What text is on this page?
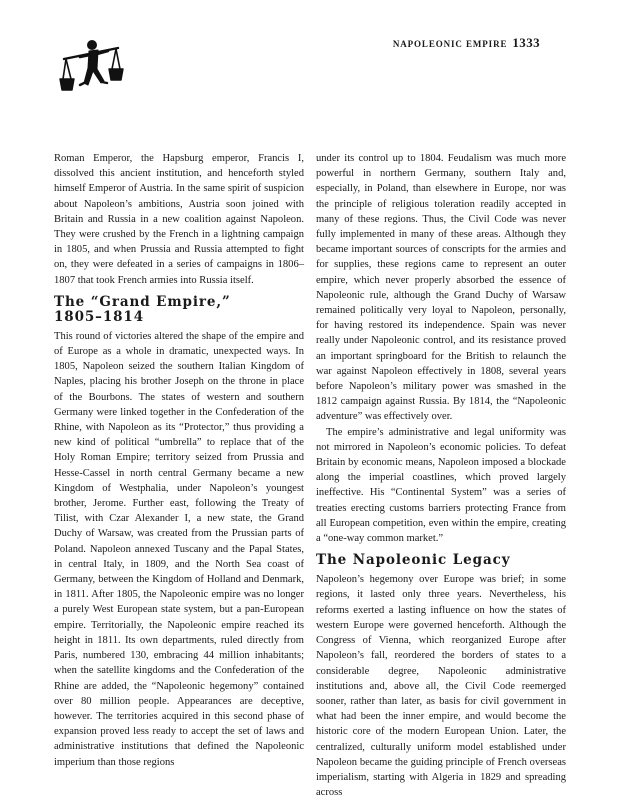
NAPOLEONIC EMPIRE 1333

Roman Emperor, the Hapsburg emperor, Francis I, dissolved this ancient institution, and henceforth styled himself Emperor of Austria. In the same spirit of suspicion about Napoleon’s ambitions, Austria soon joined with Britain and Russia in a new coalition against Napoleon. They were crushed by the French in a lightning campaign in 1805, and when Prussia and Russia attempted to fight on, they were defeated in a series of campaigns in 1806–1807 that took French armies into Russia itself.

The “Grand Empire,”
1805–1814

This round of victories altered the shape of the empire and of Europe as a whole in dramatic, unexpected ways. In 1805, Napoleon seized the southern Italian Kingdom of Naples, placing his brother Joseph on the throne in place of the Bourbons. The states of western and southern Germany were linked together in the Confederation of the Rhine, with Napoleon as its “Protector,” thus providing a new kind of political “umbrella” to replace that of the Holy Roman Empire; territory seized from Prussia and Hesse-Cassel in north central Germany became a new Kingdom of Westphalia, under Napoleon’s youngest brother, Jerome. Further east, following the Treaty of Tilist, with Czar Alexander I, a new state, the Grand Duchy of Warsaw, was created from the Prussian parts of Poland. Napoleon annexed Tuscany and the Papal States, in central Italy, in 1809, and the North Sea coast of Germany, between the Kingdom of Holland and Denmark, in 1811. After 1805, the Napoleonic empire was no longer a purely West European state system, but a pan-European empire. Territorially, the Napoleonic empire reached its height in 1811. Its own departments, ruled directly from Paris, numbered 130, embracing 44 million inhabitants; when the satellite kingdoms and the Confederation of the Rhine are added, the “Napoleonic hegemony” contained over 80 million people. Appearances are deceptive, however. The territories acquired in this second phase of expansion proved less ready to accept the set of laws and administrative institutions that defined the Napoleonic imperium than those regions

under its control up to 1804. Feudalism was much more powerful in northern Germany, southern Italy and, especially, in Poland, than elsewhere in Europe, nor was the principle of religious toleration readily accepted in many of these regions. Thus, the Civil Code was never fully implemented in many of these areas. Although they became important sources of conscripts for the armies and for supplies, these regions came to represent an outer empire, which never properly absorbed the essence of Napoleonic rule, although the Grand Duchy of Warsaw remained politically very loyal to Napoleon, personally, for having restored its independence. Spain was never really under Napoleonic control, and its resistance proved an important springboard for the British to relaunch the war against Napoleon effectively in 1808, several years before Napoleon’s military power was smashed in the 1812 campaign against Russia. By 1814, the “Napoleonic adventure” was effectively over.

The empire’s administrative and legal uniformity was not mirrored in Napoleon’s economic policies. To defeat Britain by economic means, Napoleon imposed a blockade along the imperial coastlines, which proved largely ineffective. His “Continental System” was a series of treaties erecting customs barriers protecting France from all European competition, even within the empire, creating a “one-way common market.”

The Napoleonic Legacy

Napoleon’s hegemony over Europe was brief; in some regions, it lasted only three years. Nevertheless, his reforms exerted a lasting influence on how the states of western Europe were governed henceforth. Although the Congress of Vienna, which reorganized Europe after Napoleon’s fall, reordered the borders of states to a considerable degree, Napoleonic administrative institutions and, above all, the Civil Code reemerged sooner, rather than later, as basis for civil government in what had been the inner empire, and would become the historic core of the modern European Union. Later, the centralized, culturally uniform model established under Napoleon became the guiding principle of French overseas imperialism, starting with Algeria in 1829 and spreading across
